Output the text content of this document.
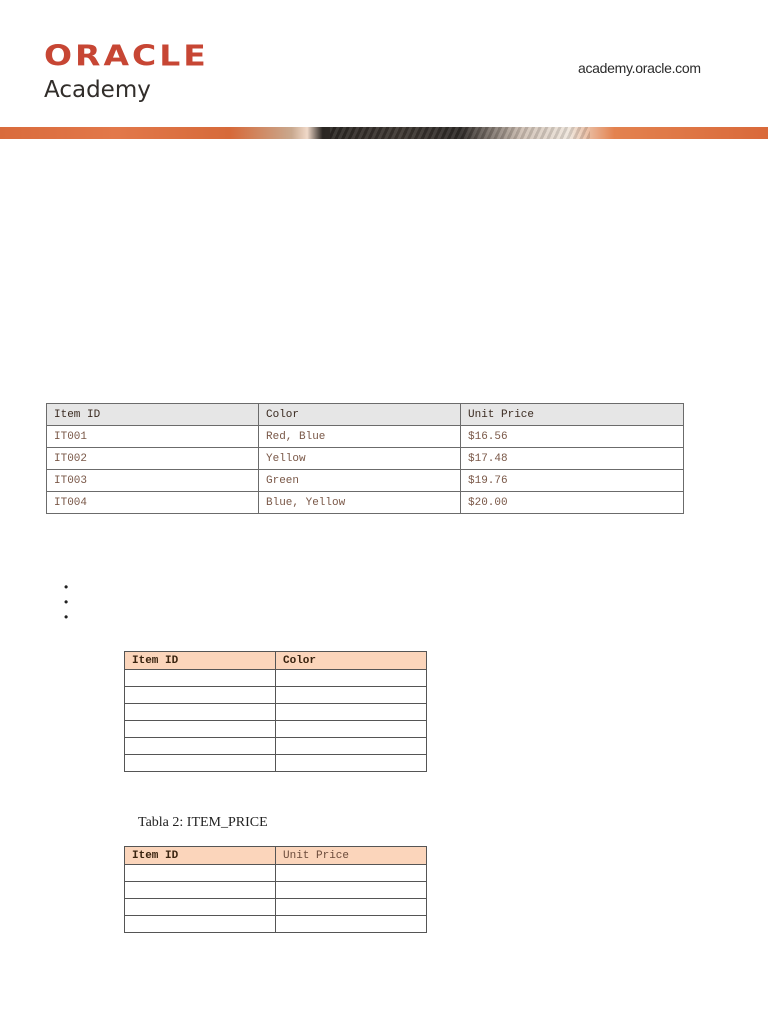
ORACLE
Academy
academy.oracle.com
Item ID	Color	Unit Price
IT001	Red, Blue	$16.56
IT002	Yellow	$17.48
IT003	Green	$19.76
IT004	Blue, Yellow	$20.00
•
•
•
Item ID	Color

Tabla 2: ITEM_PRICE
Item ID	Unit Price
